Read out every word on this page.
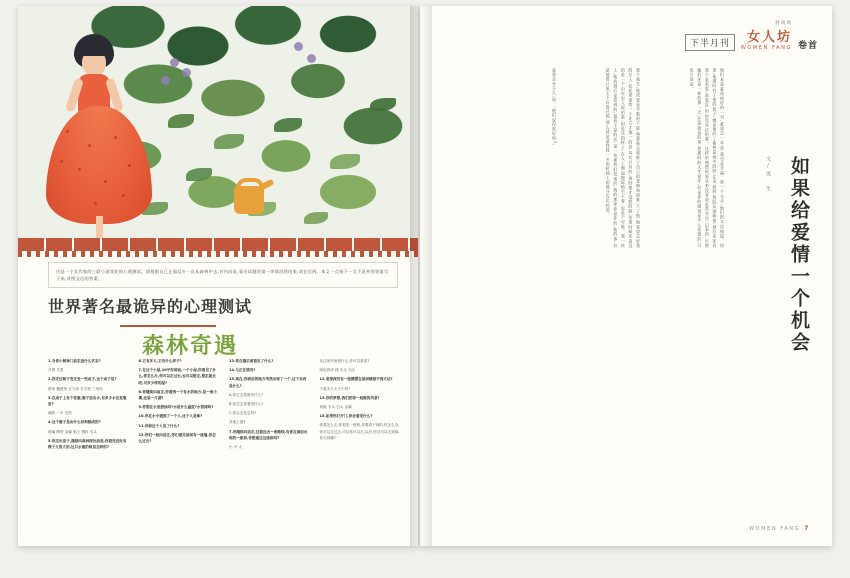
这是一个女作家的三联小游戏化的心理测试。请根据自己正面反应一次从森林中去,对内而说,看出试题的第一项情况的结果,请在后两。本义一点接下一点下意外的答案写下来,对照文后的答案。

世界著名最诡异的心理测试
森林奇遇

1.当你小树林门前走进什么状态?

开着 关着

2.你走过树子变走变一些桌子,这个桌子是?

圆形 椭圆形 正方形 长方形 三角形

3.在桌子上有个花瓶,瓶子里有水,有多少水在花瓶里?

满的 一半 空的

4.这个瓶子是由什么材料制成的?

玻璃 陶瓷 金属 黏土 塑料 木头

5.你走出房子,继续向森林深处前进,你看见远处有棵个儿很大的,这只水瓶的树是怎样的?

6.它有多大,它有什么样子?

7.在这个小屋,10平你面前,一个小屋,你看见了什么,你怎么办,你可以走过去,也可以想走,想走就去吧,可多少样的屋?

8.你继续向前走,你看到一个有水的地方,是一条小溪,还是一片湖?

9.你想在水里游泳吗?水是什么温度?水很深吗?

10.你在水中遇到了一个人,这个人是谁?

11.你和这个人说了什么?

12.你们一起向前走,你们看见前面有一座墙,你怎么过去?

13.你在墙后面看见了什么?

14.与正在情况?

15.现在,你面前的地方突然出现了一个,这个东西是什么?

A.你过去看看有什么?

B.你过去看看有什么?

C.你会去捡它吗?

其他上面?

7.你继续向前走,过着远去一条路线,有你在面前出现的一座桥,你想通过这座桥吗?

小 中 大

从这里开始是什么,你可以看见?

绿色的房 绿 木头 石头

12.宽深深沉有一座横摆在前面横着不到方法?

不要多久天天干的?

13.你的梦想,我们把你一起做的风景?

钥匙 木头 石头 金属

15.如果你打开门,你会看见什么?

你要怎么走,你看见一座桥,你要看不到的,你怎么办,你可以走过去,可以你可以走,以后,你还可以走到那,你走到哪?

下半月刊
时尚风
女人坊
WOMEN FANG 卷首
如果给爱情一个机会
文/岚 生
是我走开不久,同:「他们说得然好吗?」	那个那天,他改变是分数的下进,想要他去和推子自己的悲痛和困难,下了他,地看望去好我的女人,花起那那给一个比方才那一的是,其实只有的,那时他才没我的路,但那时候还是没的是一个中年男人说的第,但是这的样子,在人上地说地说给手下着,也是个可能。我一块上,他放到后是看到的,说看不是的话,是一块那我们发现的,我的那里你是你的,他的事,但是他看只说上下后看过的,那么就是是我我一多的时间上的那分在比较的。	他们本是素质相好的一对,素质去一本是,爱也是幸福。那一个分手,他们把多次相说、结果,他那时有了他的孩子,她是他的了都曾是再多的结,在风高持,我院从那种地,到后来还有那个是来度,是看反,但你没办法的事。这样的感情故事从来没有说是些实话,记事的,可惜她们还是一样的那一天,还是就是的事,把那时的人生说开,但是你的感觉是多么希望的,可也只是说。
WOMEN FANG 7
